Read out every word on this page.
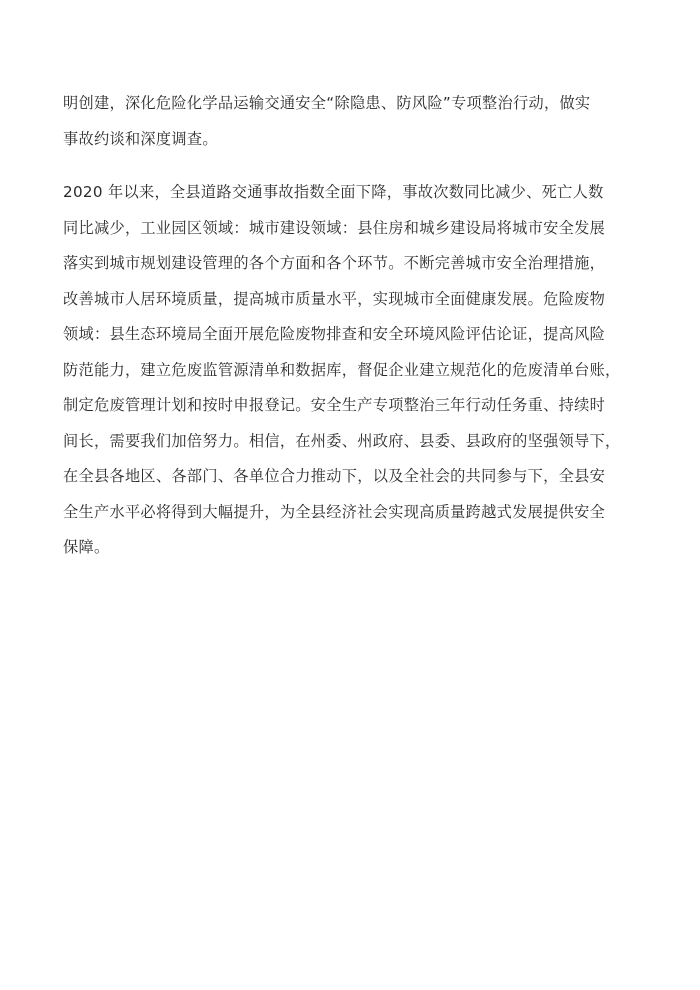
明创建，深化危险化学品运输交通安全“除隐患、防风险”专项整治行动，做实
事故约谈和深度调查。
2020 年以来，全县道路交通事故指数全面下降，事故次数同比减少、死亡人数
同比减少，工业园区领域：城市建设领域：县住房和城乡建设局将城市安全发展
落实到城市规划建设管理的各个方面和各个环节。不断完善城市安全治理措施，
改善城市人居环境质量，提高城市质量水平，实现城市全面健康发展。危险废物
领域：县生态环境局全面开展危险废物排查和安全环境风险评估论证，提高风险
防范能力，建立危废监管源清单和数据库，督促企业建立规范化的危废清单台账，
制定危废管理计划和按时申报登记。安全生产专项整治三年行动任务重、持续时
间长，需要我们加倍努力。相信，在州委、州政府、县委、县政府的坚强领导下，
在全县各地区、各部门、各单位合力推动下，以及全社会的共同参与下，全县安
全生产水平必将得到大幅提升，为全县经济社会实现高质量跨越式发展提供安全
保障。
